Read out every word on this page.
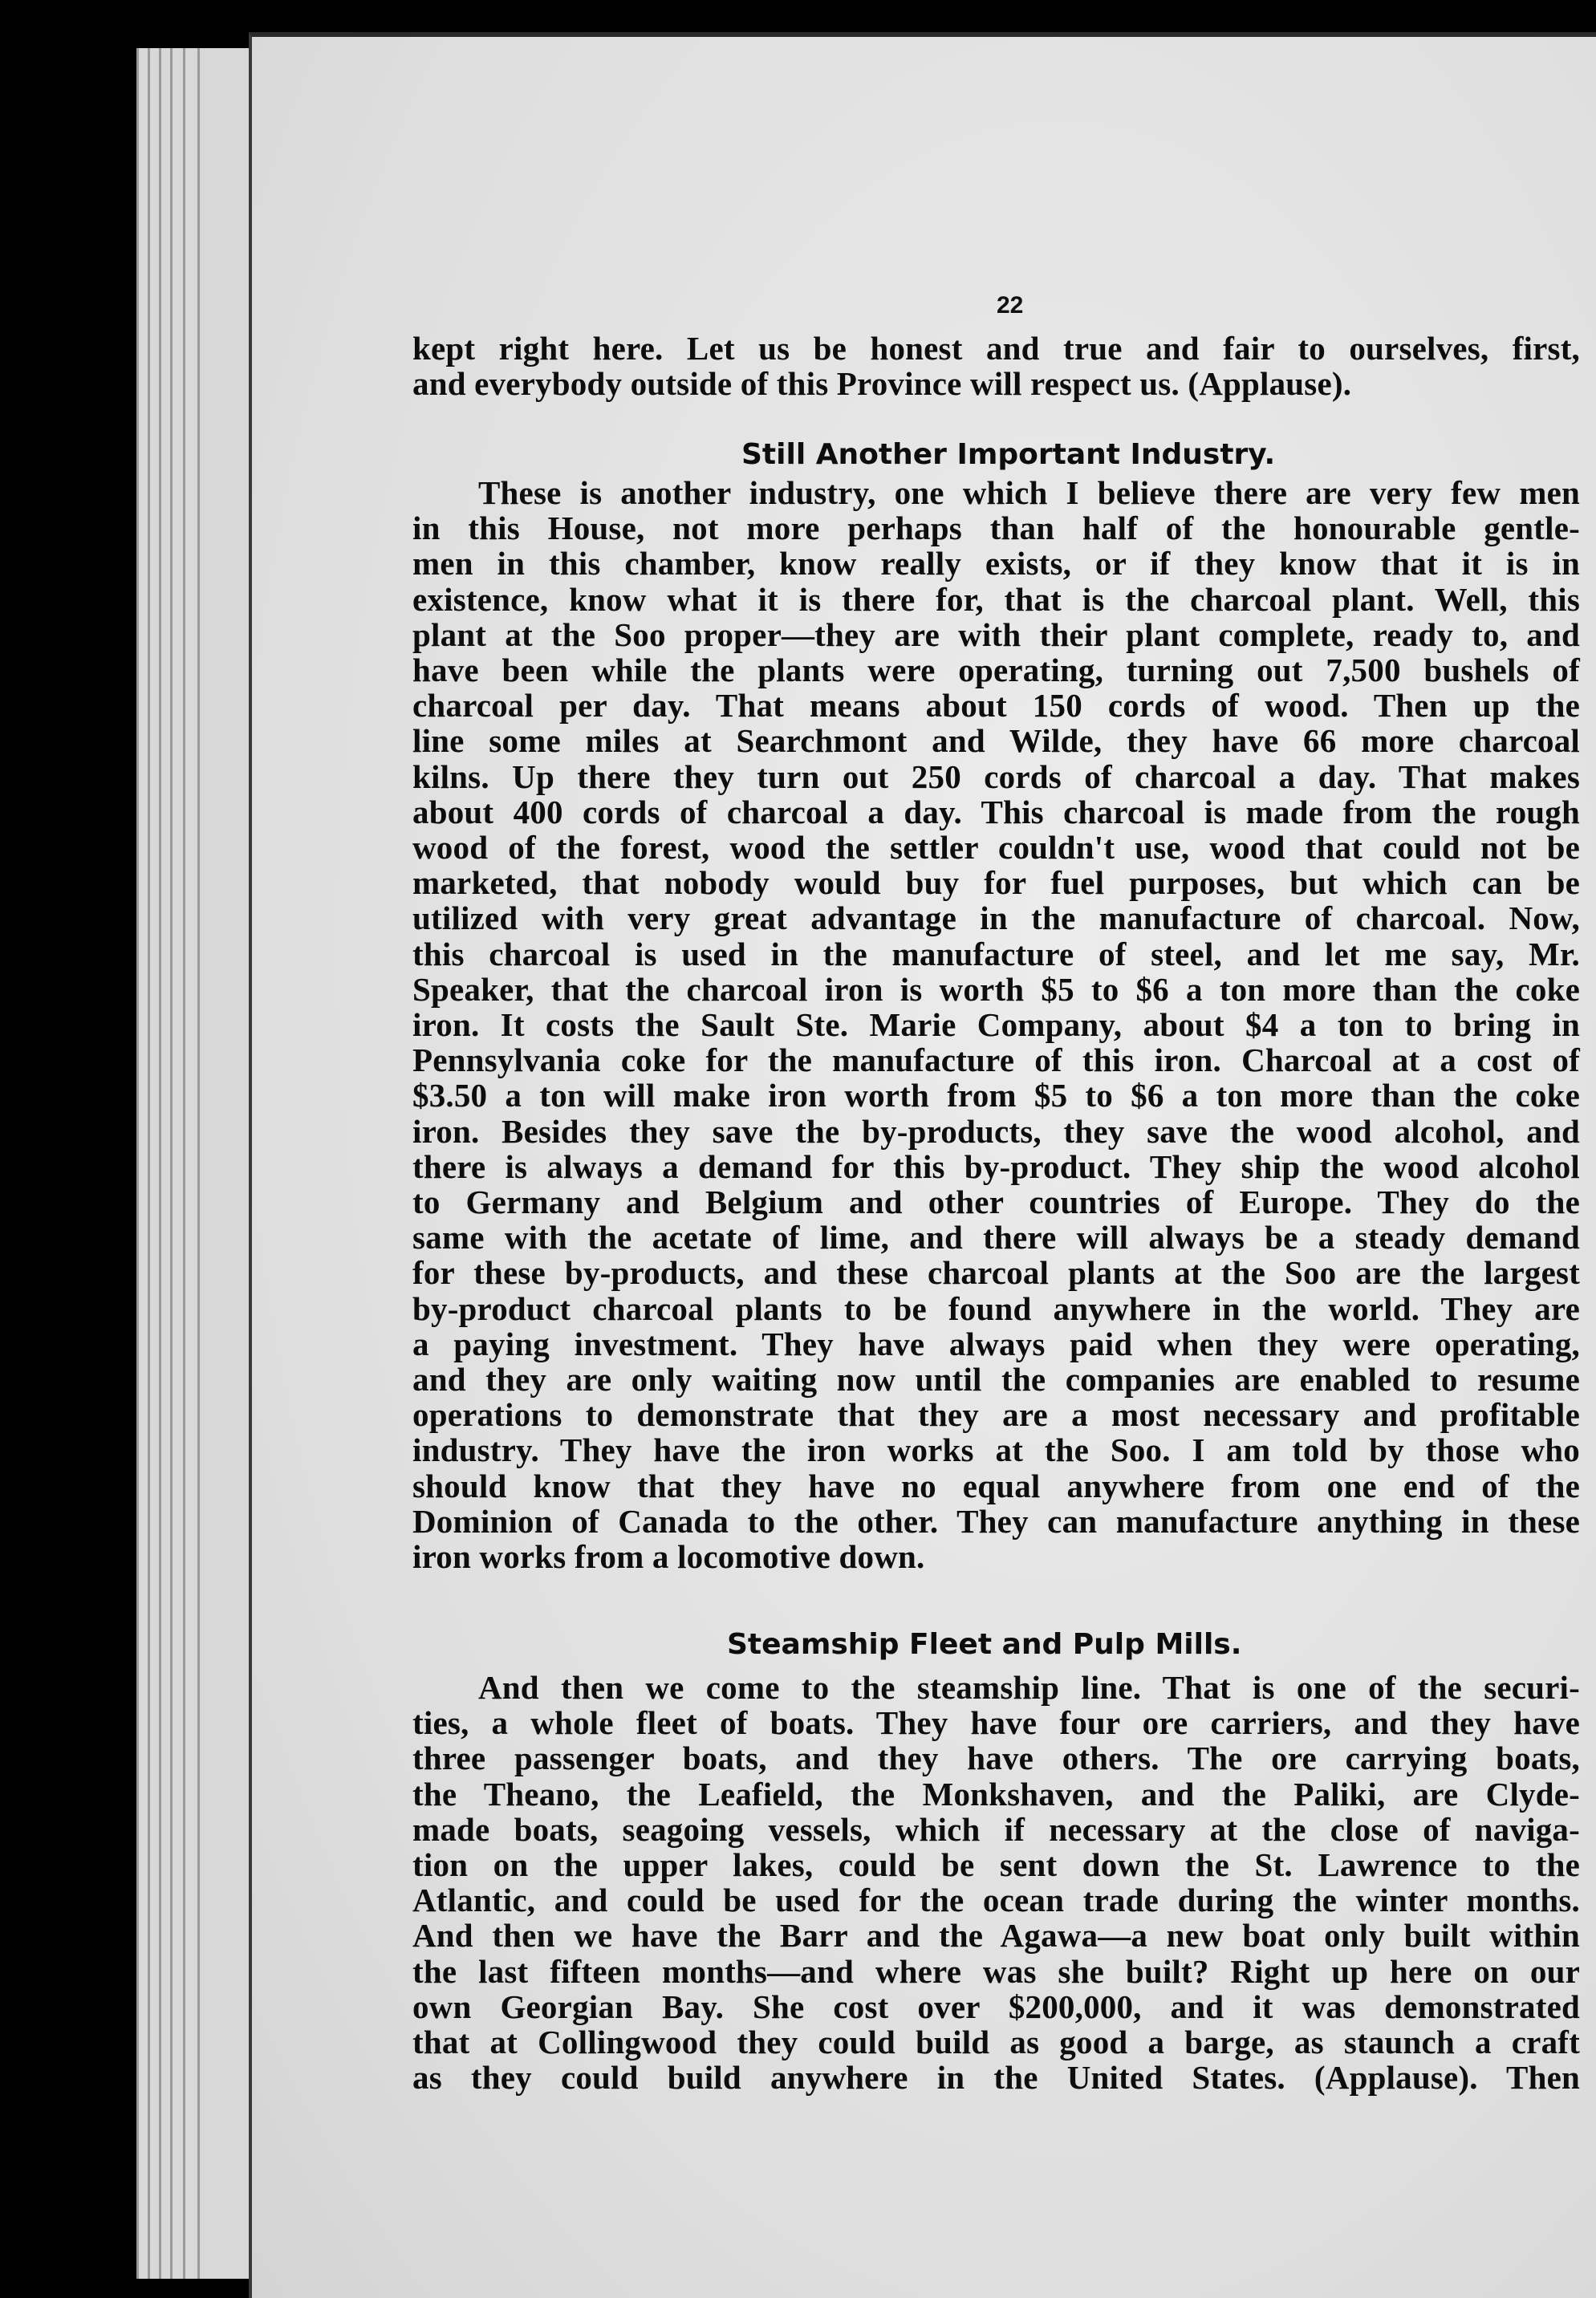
22
kept right here. Let us be honest and true and fair to ourselves, first,
and everybody outside of this Province will respect us. (Applause).
Still Another Important Industry.
These is another industry, one which I believe there are very few men
in this House, not more perhaps than half of the honourable gentle-
men in this chamber, know really exists, or if they know that it is in
existence, know what it is there for, that is the charcoal plant. Well, this
plant at the Soo proper—they are with their plant complete, ready to, and
have been while the plants were operating, turning out 7,500 bushels of
charcoal per day. That means about 150 cords of wood. Then up the
line some miles at Searchmont and Wilde, they have 66 more charcoal
kilns. Up there they turn out 250 cords of charcoal a day. That makes
about 400 cords of charcoal a day. This charcoal is made from the rough
wood of the forest, wood the settler couldn't use, wood that could not be
marketed, that nobody would buy for fuel purposes, but which can be
utilized with very great advantage in the manufacture of charcoal. Now,
this charcoal is used in the manufacture of steel, and let me say, Mr.
Speaker, that the charcoal iron is worth $5 to $6 a ton more than the coke
iron. It costs the Sault Ste. Marie Company, about $4 a ton to bring in
Pennsylvania coke for the manufacture of this iron. Charcoal at a cost of
$3.50 a ton will make iron worth from $5 to $6 a ton more than the coke
iron. Besides they save the by-products, they save the wood alcohol, and
there is always a demand for this by-product. They ship the wood alcohol
to Germany and Belgium and other countries of Europe. They do the
same with the acetate of lime, and there will always be a steady demand
for these by-products, and these charcoal plants at the Soo are the largest
by-product charcoal plants to be found anywhere in the world. They are
a paying investment. They have always paid when they were operating,
and they are only waiting now until the companies are enabled to resume
operations to demonstrate that they are a most necessary and profitable
industry. They have the iron works at the Soo. I am told by those who
should know that they have no equal anywhere from one end of the
Dominion of Canada to the other. They can manufacture anything in these
iron works from a locomotive down.
Steamship Fleet and Pulp Mills.
And then we come to the steamship line. That is one of the securi-
ties, a whole fleet of boats. They have four ore carriers, and they have
three passenger boats, and they have others. The ore carrying boats,
the Theano, the Leafield, the Monkshaven, and the Paliki, are Clyde-
made boats, seagoing vessels, which if necessary at the close of naviga-
tion on the upper lakes, could be sent down the St. Lawrence to the
Atlantic, and could be used for the ocean trade during the winter months.
And then we have the Barr and the Agawa—a new boat only built within
the last fifteen months—and where was she built? Right up here on our
own Georgian Bay. She cost over $200,000, and it was demonstrated
that at Collingwood they could build as good a barge, as staunch a craft
as they could build anywhere in the United States. (Applause). Then
